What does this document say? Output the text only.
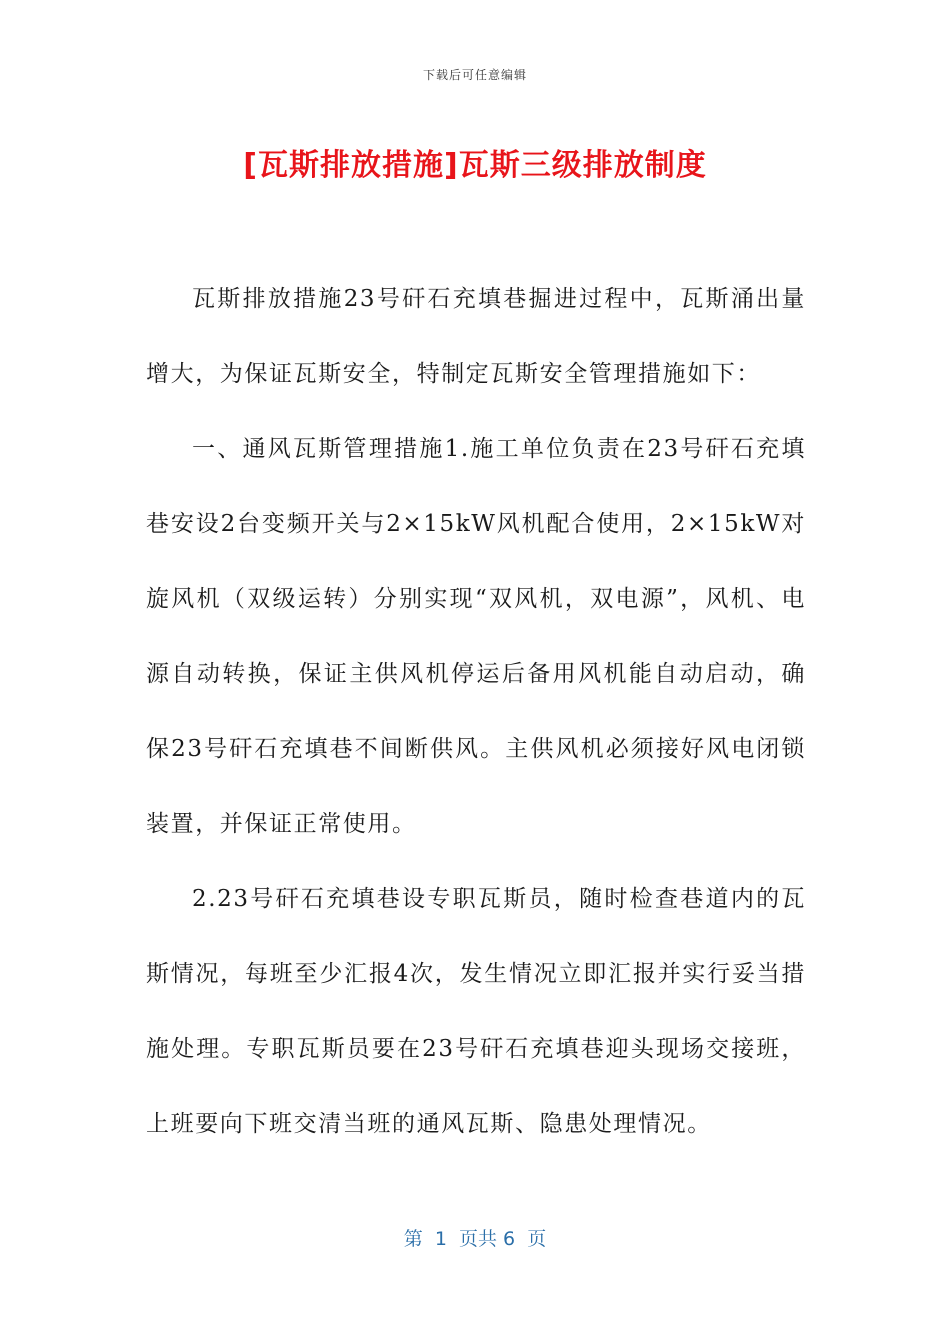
下载后可任意编辑
[瓦斯排放措施]瓦斯三级排放制度

瓦斯排放措施23号矸石充填巷掘进过程中，瓦斯涌出量增大，为保证瓦斯安全，特制定瓦斯安全管理措施如下：

一、通风瓦斯管理措施1.施工单位负责在23号矸石充填巷安设2台变频开关与2×15kW风机配合使用，2×15kW对旋风机（双级运转）分别实现“双风机，双电源”，风机、电源自动转换，保证主供风机停运后备用风机能自动启动，确保23号矸石充填巷不间断供风。主供风机必须接好风电闭锁装置，并保证正常使用。

2.23号矸石充填巷设专职瓦斯员，随时检查巷道内的瓦斯情况，每班至少汇报4次，发生情况立即汇报并实行妥当措施处理。专职瓦斯员要在23号矸石充填巷迎头现场交接班，上班要向下班交清当班的通风瓦斯、隐患处理情况。

第  1  页共 6  页
